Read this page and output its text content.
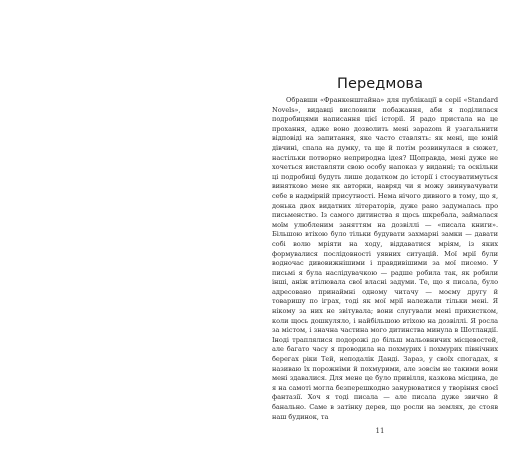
Передмова

Обравши «Франкенштайна» для публікації в серії «Standard Novels», видавці висловили побажання, аби я поділилася подробицями написання цієї історії. Я радо пристала на це прохання, адже воно дозволить мені зарazom й узагальнити відповіді на запитання, яке часто ставлять: як мені, ще юній дівчині, спала на думку, та ще й потім розвинулася в сюжет, настільки потворно неприродна ідея? Щоправда, мені дуже не хочеться виставляти свою особу напоказ у виданні; та оскільки ці подробиці будуть лише додатком до історії і стосуватимуться винятково мене як авторки, навряд чи я можу звинувачувати себе в надмірній присутності. Нема нічого дивного в тому, що я, донька двох видатних літераторів, дуже рано задумалась про письменство. Із самого дитинства я щось шкребала, займалася моїм улюбленим заняттям на дозвіллі — «писала книги». Більшою втіхою було тільки будувати захмарні замки — давати собі волю мріяти на ходу, віддаватися мріям, із яких формувалися послідовності уявних ситуацій. Мої мрії були водночас дивовижнішими і правдивішими за мої писемо. У письмі я була наслідувачкою — радше робила так, як робили інші, аніж втілювала свої власні задуми. Те, що я писала, було адресовано принаймні одному читачу — моєму другу й товаришу по іграх, тоді як мої мрії належали тільки мені. Я нікому за них не звітувала; вони слугували мені прихистком, коли щось дошкуляло, і найбільшою втіхою на дозвіллі. Я росла за містом, і значна частина мого дитинства минула в Шотландії. Іноді траплялися подорожі до більш мальовничих місцевостей, але багато часу я проводила на похмурих і похмурих північних берегах ріки Тей, неподалік Данді. Зараз, у своїх спогадах, я називаю їх порожніми й похмурими, але зовсім не такими вони мені здавалися. Для мене це було привілля, казкова місцина, де я на самоті могла безперешкодно занурюватися у творіння своєї фантазії. Хоч я тоді писала — але писала дуже звично й банально. Саме в затінку дерев, що росли на землях, де стояв наш будинок, та

11
